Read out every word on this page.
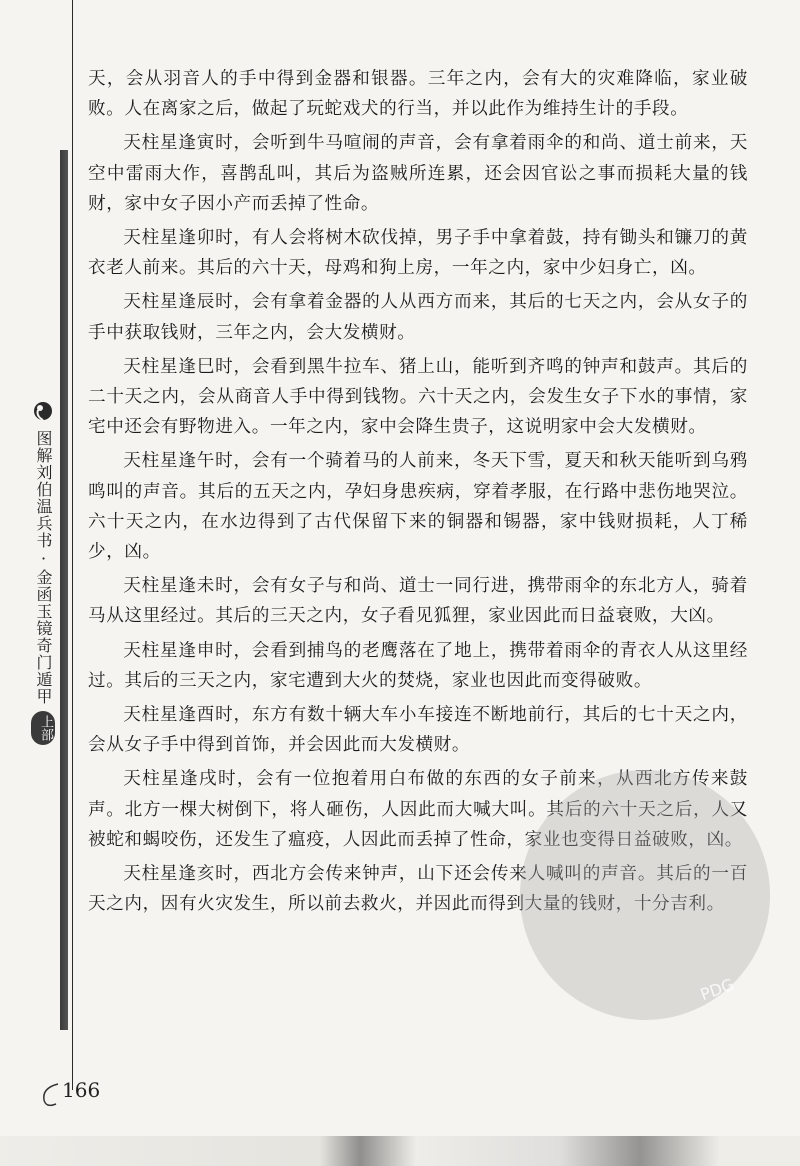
图解刘伯温兵书·金函玉镜奇门遁甲
上部

天，会从羽音人的手中得到金器和银器。三年之内，会有大的灾难降临，家业破败。人在离家之后，做起了玩蛇戏犬的行当，并以此作为维持生计的手段。

天柱星逢寅时，会听到牛马喧闹的声音，会有拿着雨伞的和尚、道士前来，天空中雷雨大作，喜鹊乱叫，其后为盗贼所连累，还会因官讼之事而损耗大量的钱财，家中女子因小产而丢掉了性命。

天柱星逢卯时，有人会将树木砍伐掉，男子手中拿着鼓，持有锄头和镰刀的黄衣老人前来。其后的六十天，母鸡和狗上房，一年之内，家中少妇身亡，凶。

天柱星逢辰时，会有拿着金器的人从西方而来，其后的七天之内，会从女子的手中获取钱财，三年之内，会大发横财。

天柱星逢巳时，会看到黑牛拉车、猪上山，能听到齐鸣的钟声和鼓声。其后的二十天之内，会从商音人手中得到钱物。六十天之内，会发生女子下水的事情，家宅中还会有野物进入。一年之内，家中会降生贵子，这说明家中会大发横财。

天柱星逢午时，会有一个骑着马的人前来，冬天下雪，夏天和秋天能听到乌鸦鸣叫的声音。其后的五天之内，孕妇身患疾病，穿着孝服，在行路中悲伤地哭泣。六十天之内，在水边得到了古代保留下来的铜器和锡器，家中钱财损耗，人丁稀少，凶。

天柱星逢未时，会有女子与和尚、道士一同行进，携带雨伞的东北方人，骑着马从这里经过。其后的三天之内，女子看见狐狸，家业因此而日益衰败，大凶。

天柱星逢申时，会看到捕鸟的老鹰落在了地上，携带着雨伞的青衣人从这里经过。其后的三天之内，家宅遭到大火的焚烧，家业也因此而变得破败。

天柱星逢酉时，东方有数十辆大车小车接连不断地前行，其后的七十天之内，会从女子手中得到首饰，并会因此而大发横财。

天柱星逢戌时，会有一位抱着用白布做的东西的女子前来，从西北方传来鼓声。北方一棵大树倒下，将人砸伤，人因此而大喊大叫。其后的六十天之后，人又被蛇和蝎咬伤，还发生了瘟疫，人因此而丢掉了性命，家业也变得日益破败，凶。

天柱星逢亥时，西北方会传来钟声，山下还会传来人喊叫的声音。其后的一百天之内，因有火灾发生，所以前去救火，并因此而得到大量的钱财，十分吉利。

PDG
166
